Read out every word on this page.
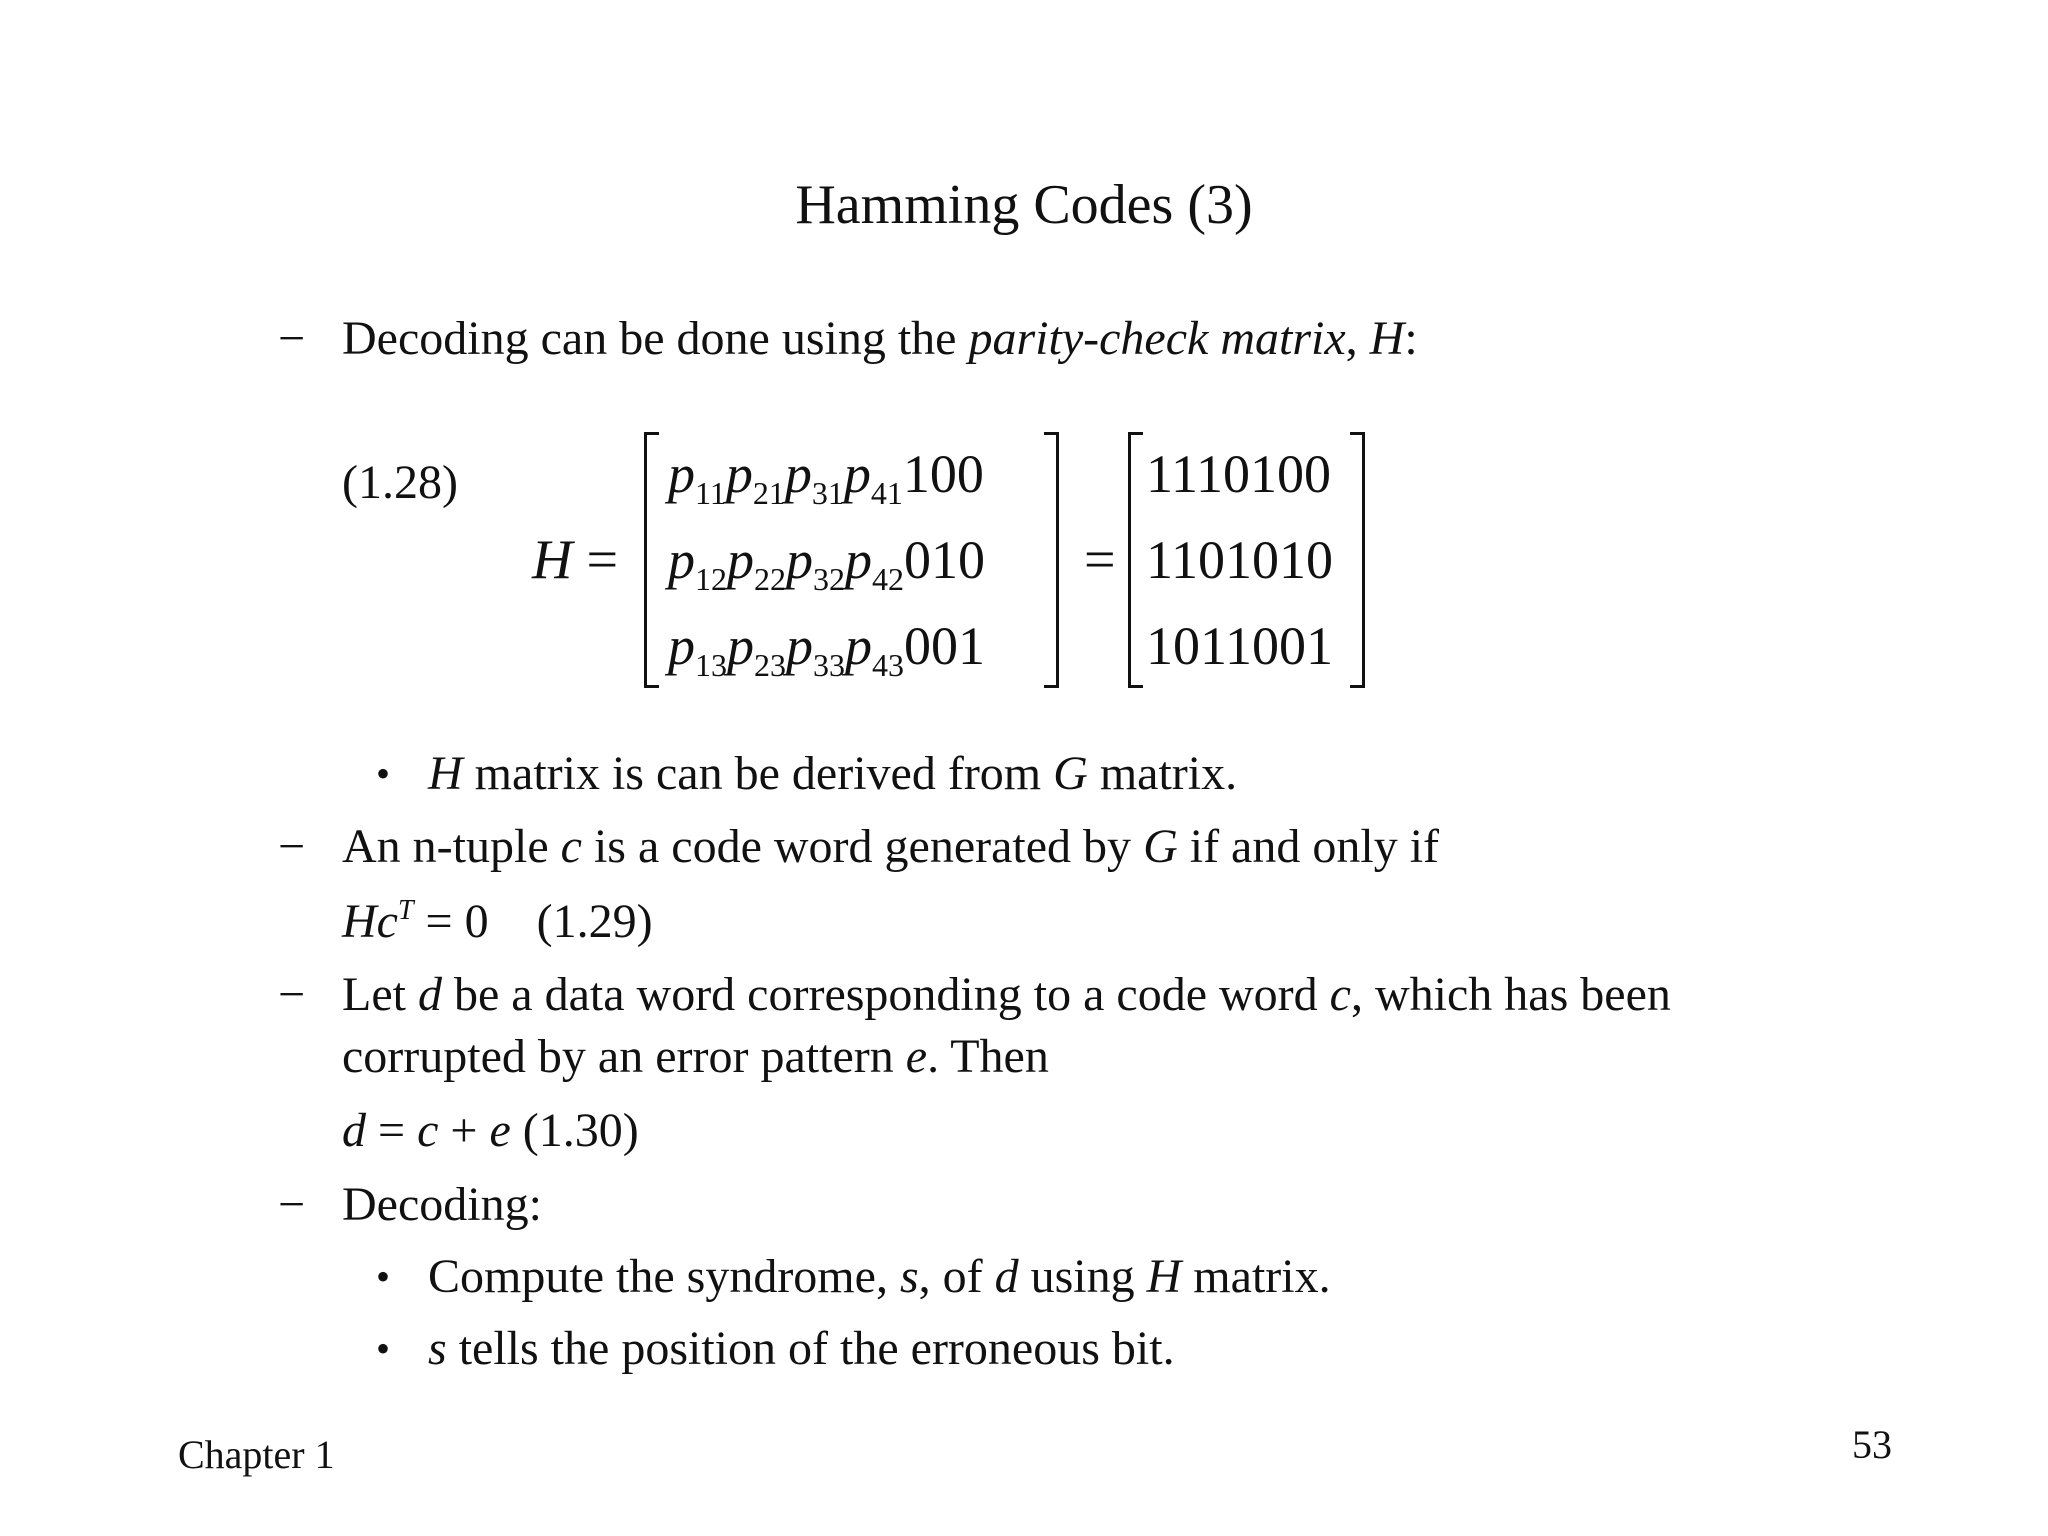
Hamming Codes (3)
− Decoding can be done using the parity-check matrix, H:
(1.28)
H =
$p_{11}p_{21}p_{31}p_{41}100$
$p_{12}p_{22}p_{32}p_{42}010$
$p_{13}p_{23}p_{33}p_{43}001$
=
1110100
1101010
1011001
• H matrix is can be derived from G matrix.
− An n-tuple c is a code word generated by G if and only if
$Hc^T = 0$    (1.29)
− Let d be a data word corresponding to a code word c, which has been
corrupted by an error pattern e. Then
d = c + e (1.30)
− Decoding:
• Compute the syndrome, s, of d using H matrix.
• s tells the position of the erroneous bit.
Chapter 1	53
